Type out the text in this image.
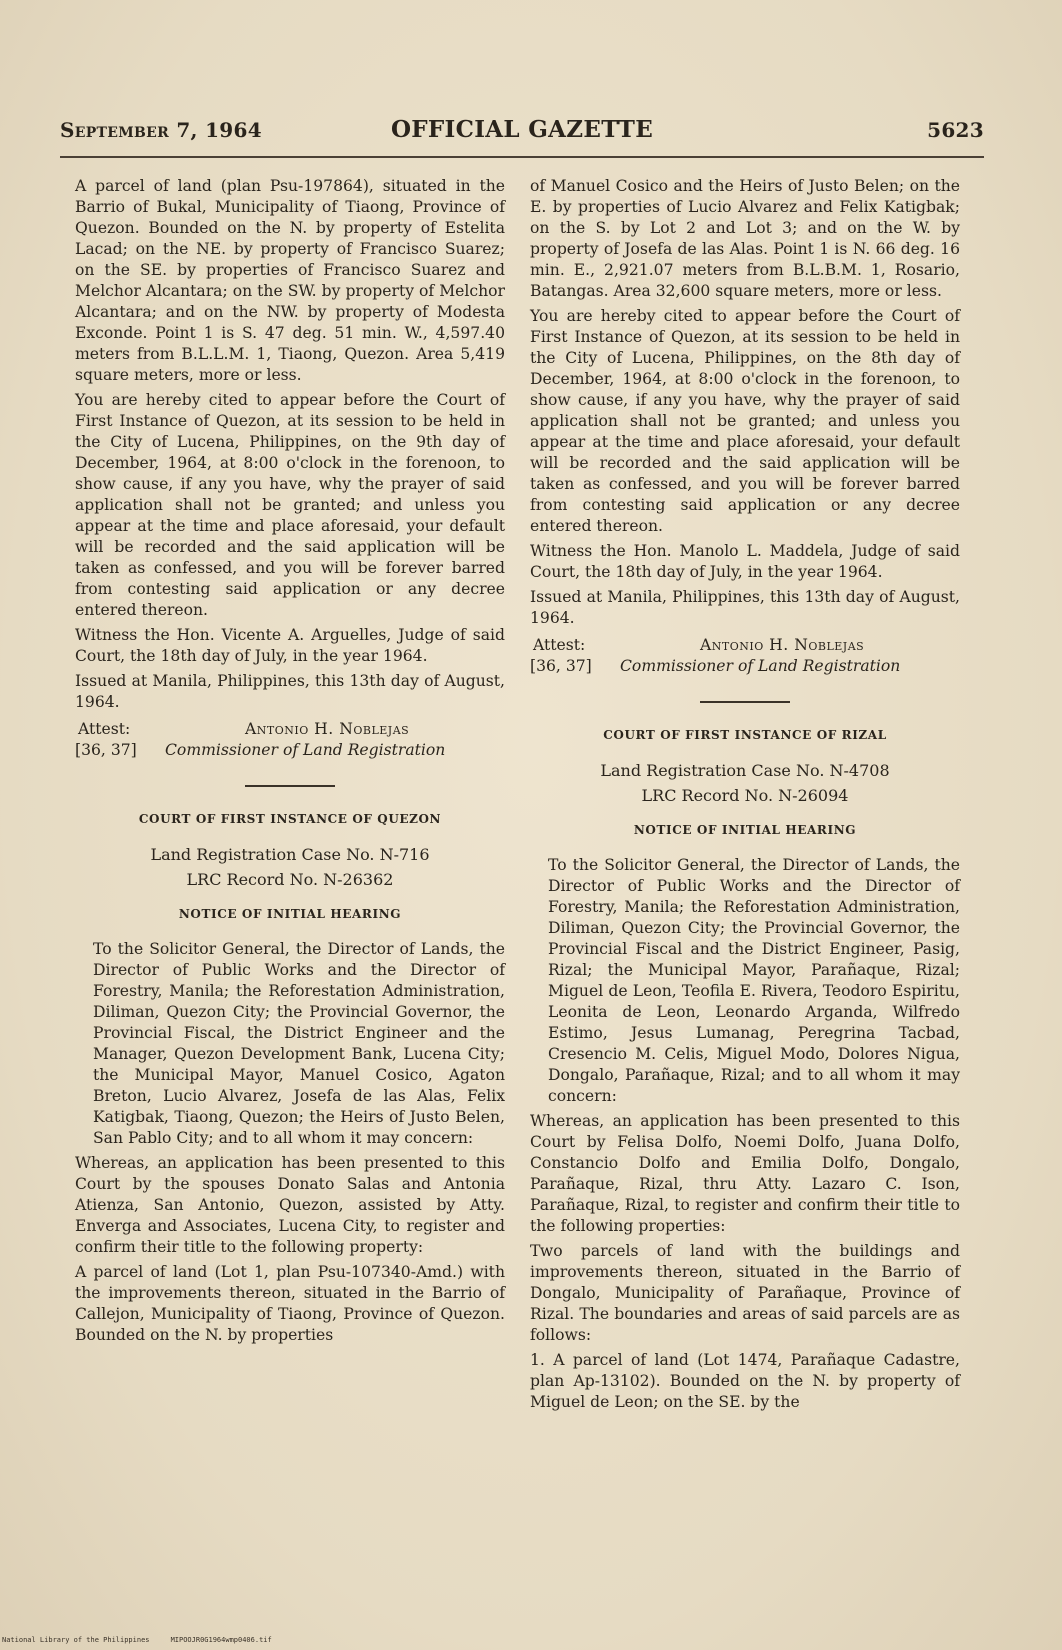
September 7, 1964	OFFICIAL GAZETTE	5623

A parcel of land (plan Psu-197864), situated in the Barrio of Bukal, Municipality of Tiaong, Province of Quezon. Bounded on the N. by property of Estelita Lacad; on the NE. by property of Francisco Suarez; on the SE. by properties of Francisco Suarez and Melchor Alcantara; on the SW. by property of Melchor Alcantara; and on the NW. by property of Modesta Exconde. Point 1 is S. 47 deg. 51 min. W., 4,597.40 meters from B.L.L.M. 1, Tiaong, Quezon. Area 5,419 square meters, more or less.

You are hereby cited to appear before the Court of First Instance of Quezon, at its session to be held in the City of Lucena, Philippines, on the 9th day of December, 1964, at 8:00 o'clock in the forenoon, to show cause, if any you have, why the prayer of said application shall not be granted; and unless you appear at the time and place aforesaid, your default will be recorded and the said application will be taken as confessed, and you will be forever barred from contesting said application or any decree entered thereon.

Witness the Hon. Vicente A. Arguelles, Judge of said Court, the 18th day of July, in the year 1964.

Issued at Manila, Philippines, this 13th day of August, 1964.

Attest:
[36, 37]
Antonio H. Noblejas
Commissioner of Land Registration
COURT OF FIRST INSTANCE OF QUEZON

Land Registration Case No. N-716

LRC Record No. N-26362

NOTICE OF INITIAL HEARING

To the Solicitor General, the Director of Lands, the Director of Public Works and the Director of Forestry, Manila; the Reforestation Administration, Diliman, Quezon City; the Provincial Governor, the Provincial Fiscal, the District Engineer and the Manager, Quezon Development Bank, Lucena City; the Municipal Mayor, Manuel Cosico, Agaton Breton, Lucio Alvarez, Josefa de las Alas, Felix Katigbak, Tiaong, Quezon; the Heirs of Justo Belen, San Pablo City; and to all whom it may concern:

Whereas, an application has been presented to this Court by the spouses Donato Salas and Antonia Atienza, San Antonio, Quezon, assisted by Atty. Enverga and Associates, Lucena City, to register and confirm their title to the following property:

A parcel of land (Lot 1, plan Psu-107340-Amd.) with the improvements thereon, situated in the Barrio of Callejon, Municipality of Tiaong, Province of Quezon. Bounded on the N. by properties

of Manuel Cosico and the Heirs of Justo Belen; on the E. by properties of Lucio Alvarez and Felix Katigbak; on the S. by Lot 2 and Lot 3; and on the W. by property of Josefa de las Alas. Point 1 is N. 66 deg. 16 min. E., 2,921.07 meters from B.L.B.M. 1, Rosario, Batangas. Area 32,600 square meters, more or less.

You are hereby cited to appear before the Court of First Instance of Quezon, at its session to be held in the City of Lucena, Philippines, on the 8th day of December, 1964, at 8:00 o'clock in the forenoon, to show cause, if any you have, why the prayer of said application shall not be granted; and unless you appear at the time and place aforesaid, your default will be recorded and the said application will be taken as confessed, and you will be forever barred from contesting said application or any decree entered thereon.

Witness the Hon. Manolo L. Maddela, Judge of said Court, the 18th day of July, in the year 1964.

Issued at Manila, Philippines, this 13th day of August, 1964.

Attest:
[36, 37]
Antonio H. Noblejas
Commissioner of Land Registration
COURT OF FIRST INSTANCE OF RIZAL

Land Registration Case No. N-4708

LRC Record No. N-26094

NOTICE OF INITIAL HEARING

To the Solicitor General, the Director of Lands, the Director of Public Works and the Director of Forestry, Manila; the Reforestation Administration, Diliman, Quezon City; the Provincial Governor, the Provincial Fiscal and the District Engineer, Pasig, Rizal; the Municipal Mayor, Parañaque, Rizal; Miguel de Leon, Teofila E. Rivera, Teodoro Espiritu, Leonita de Leon, Leonardo Arganda, Wilfredo Estimo, Jesus Lumanag, Peregrina Tacbad, Cresencio M. Celis, Miguel Modo, Dolores Nigua, Dongalo, Parañaque, Rizal; and to all whom it may concern:

Whereas, an application has been presented to this Court by Felisa Dolfo, Noemi Dolfo, Juana Dolfo, Constancio Dolfo and Emilia Dolfo, Dongalo, Parañaque, Rizal, thru Atty. Lazaro C. Ison, Parañaque, Rizal, to register and confirm their title to the following properties:

Two parcels of land with the buildings and improvements thereon, situated in the Barrio of Dongalo, Municipality of Parañaque, Province of Rizal. The boundaries and areas of said parcels are as follows:

1. A parcel of land (Lot 1474, Parañaque Cadastre, plan Ap-13102). Bounded on the N. by property of Miguel de Leon; on the SE. by the

National Library of the Philippines     MIPOOJR0G1964wmp0406.tif
